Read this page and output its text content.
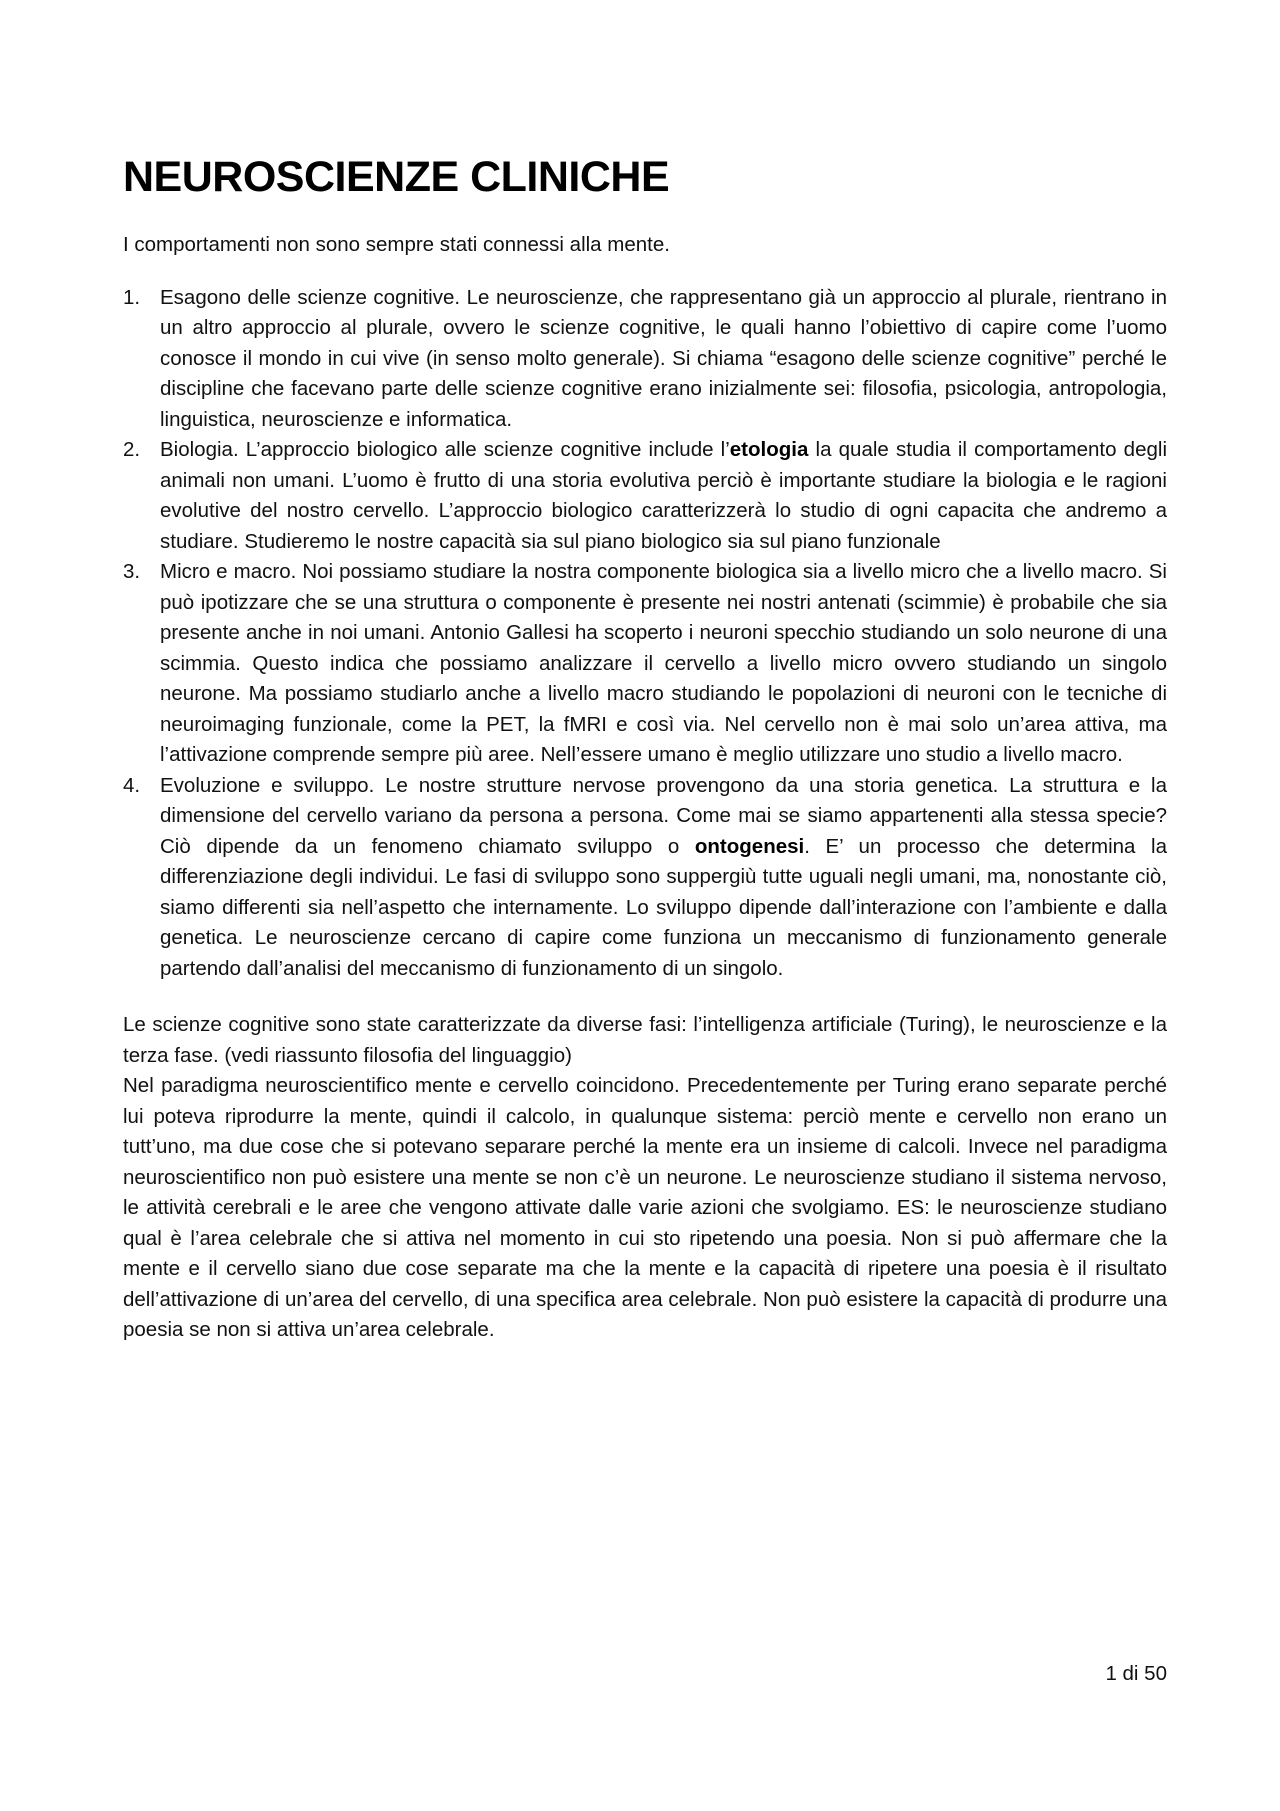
NEUROSCIENZE CLINICHE

I comportamenti non sono sempre stati connessi alla mente.

1. Esagono delle scienze cognitive. Le neuroscienze, che rappresentano già un approccio al plurale, rientrano in un altro approccio al plurale, ovvero le scienze cognitive, le quali hanno l’obiettivo di capire come l’uomo conosce il mondo in cui vive (in senso molto generale). Si chiama “esagono delle scienze cognitive” perché le discipline che facevano parte delle scienze cognitive erano inizialmente sei: filosofia, psicologia, antropologia, linguistica, neuroscienze e informatica.
2. Biologia. L’approccio biologico alle scienze cognitive include l’etologia la quale studia il comportamento degli animali non umani. L’uomo è frutto di una storia evolutiva perciò è importante studiare la biologia e le ragioni evolutive del nostro cervello. L’approccio biologico caratterizzerà lo studio di ogni capacita che andremo a studiare. Studieremo le nostre capacità sia sul piano biologico sia sul piano funzionale
3. Micro e macro. Noi possiamo studiare la nostra componente biologica sia a livello micro che a livello macro. Si può ipotizzare che se una struttura o componente è presente nei nostri antenati (scimmie) è probabile che sia presente anche in noi umani. Antonio Gallesi ha scoperto i neuroni specchio studiando un solo neurone di una scimmia. Questo indica che possiamo analizzare il cervello a livello micro ovvero studiando un singolo neurone. Ma possiamo studiarlo anche a livello macro studiando le popolazioni di neuroni con le tecniche di neuroimaging funzionale, come la PET, la fMRI e così via. Nel cervello non è mai solo un’area attiva, ma l’attivazione comprende sempre più aree. Nell’essere umano è meglio utilizzare uno studio a livello macro.
4. Evoluzione e sviluppo. Le nostre strutture nervose provengono da una storia genetica. La struttura e la dimensione del cervello variano da persona a persona. Come mai se siamo appartenenti alla stessa specie? Ciò dipende da un fenomeno chiamato sviluppo o ontogenesi. E’ un processo che determina la differenziazione degli individui. Le fasi di sviluppo sono suppergiù tutte uguali negli umani, ma, nonostante ciò, siamo differenti sia nell’aspetto che internamente. Lo sviluppo dipende dall’interazione con l’ambiente e dalla genetica. Le neuroscienze cercano di capire come funziona un meccanismo di funzionamento generale partendo dall’analisi del meccanismo di funzionamento di un singolo.

Le scienze cognitive sono state caratterizzate da diverse fasi: l’intelligenza artificiale (Turing), le neuroscienze e la terza fase. (vedi riassunto filosofia del linguaggio)

Nel paradigma neuroscientifico mente e cervello coincidono. Precedentemente per Turing erano separate perché lui poteva riprodurre la mente, quindi il calcolo, in qualunque sistema: perciò mente e cervello non erano un tutt’uno, ma due cose che si potevano separare perché la mente era un insieme di calcoli. Invece nel paradigma neuroscientifico non può esistere una mente se non c’è un neurone. Le neuroscienze studiano il sistema nervoso, le attività cerebrali e le aree che vengono attivate dalle varie azioni che svolgiamo. ES: le neuroscienze studiano qual è l’area celebrale che si attiva nel momento in cui sto ripetendo una poesia. Non si può affermare che la mente e il cervello siano due cose separate ma che la mente e la capacità di ripetere una poesia è il risultato dell’attivazione di un’area del cervello, di una specifica area celebrale. Non può esistere la capacità di produrre una poesia se non si attiva un’area celebrale.

1 di 50
